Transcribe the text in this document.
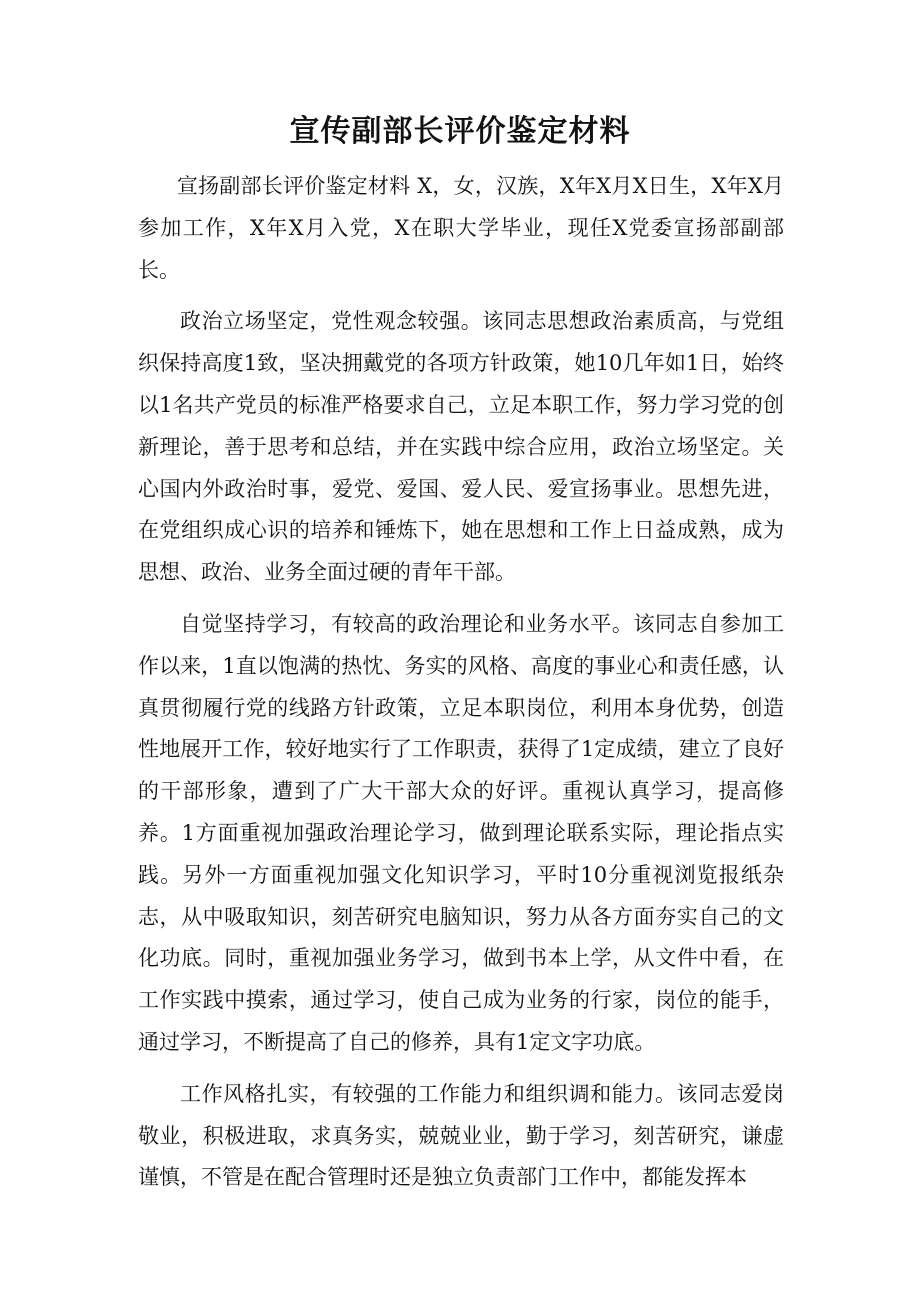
宣传副部长评价鉴定材料

宣扬副部长评价鉴定材料 X，女，汉族，X年X月X日生，X年X月参加工作，X年X月入党，X在职大学毕业，现任X党委宣扬部副部长。

政治立场坚定，党性观念较强。该同志思想政治素质高，与党组织保持高度1致，坚决拥戴党的各项方针政策，她10几年如1日，始终以1名共产党员的标准严格要求自己，立足本职工作，努力学习党的创新理论，善于思考和总结，并在实践中综合应用，政治立场坚定。关心国内外政治时事，爱党、爱国、爱人民、爱宣扬事业。思想先进，在党组织成心识的培养和锤炼下，她在思想和工作上日益成熟，成为思想、政治、业务全面过硬的青年干部。

自觉坚持学习，有较高的政治理论和业务水平。该同志自参加工作以来，1直以饱满的热忱、务实的风格、高度的事业心和责任感，认真贯彻履行党的线路方针政策，立足本职岗位，利用本身优势，创造性地展开工作，较好地实行了工作职责，获得了1定成绩，建立了良好的干部形象，遭到了广大干部大众的好评。重视认真学习，提高修养。1方面重视加强政治理论学习，做到理论联系实际，理论指点实践。另外一方面重视加强文化知识学习，平时10分重视浏览报纸杂志，从中吸取知识，刻苦研究电脑知识，努力从各方面夯实自己的文化功底。同时，重视加强业务学习，做到书本上学，从文件中看，在工作实践中摸索，通过学习，使自己成为业务的行家，岗位的能手，通过学习，不断提高了自己的修养，具有1定文字功底。

工作风格扎实，有较强的工作能力和组织调和能力。该同志爱岗敬业，积极进取，求真务实，兢兢业业，勤于学习，刻苦研究，谦虚谨慎，不管是在配合管理时还是独立负责部门工作中，都能发挥本
